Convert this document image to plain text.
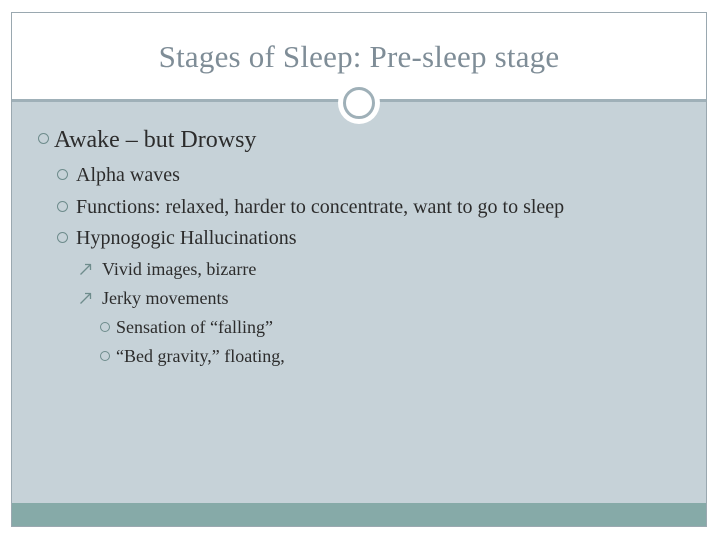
Stages of Sleep: Pre-sleep stage
Awake – but Drowsy
Alpha waves
Functions: relaxed, harder to concentrate, want to go to sleep
Hypnogogic Hallucinations
Vivid images, bizarre
Jerky movements
Sensation of “falling”
“Bed gravity,” floating,
